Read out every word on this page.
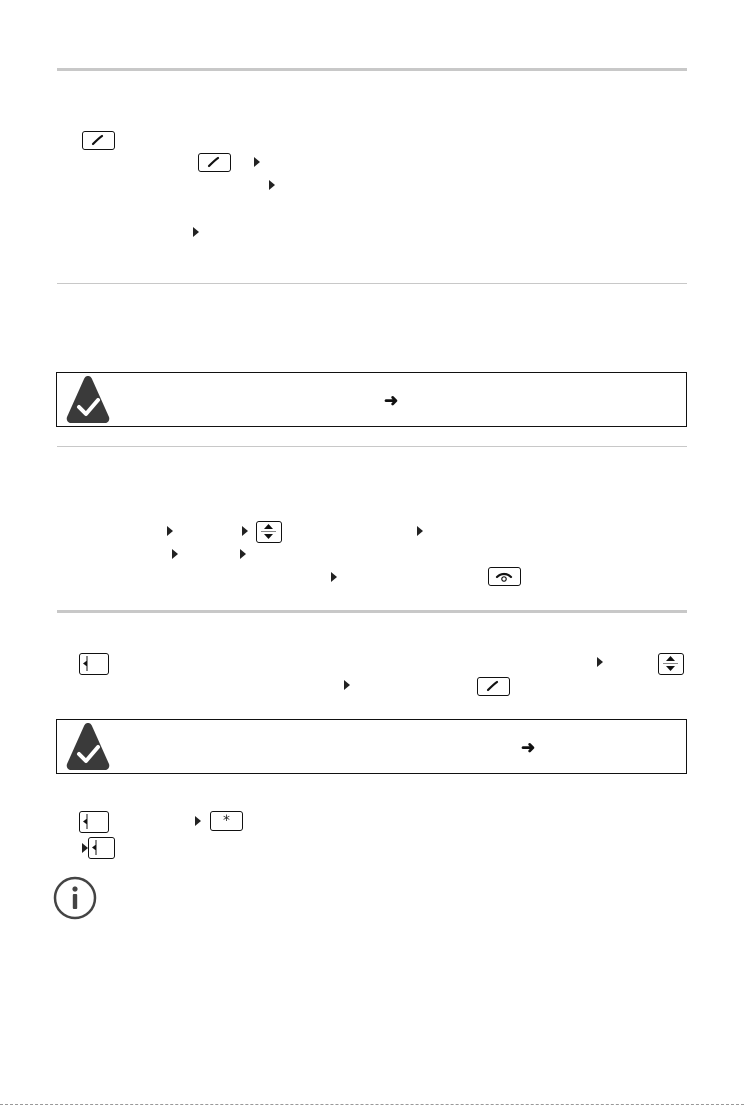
➜
➜
*
